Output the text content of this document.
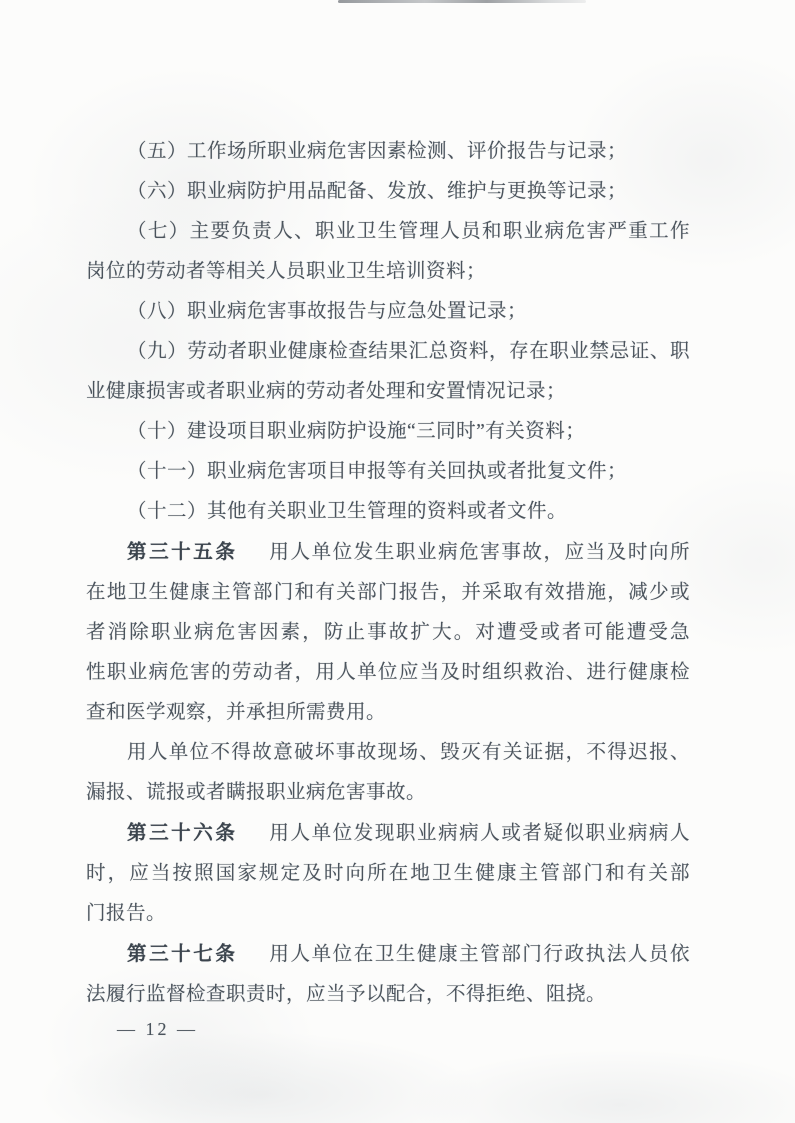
（五）工作场所职业病危害因素检测、评价报告与记录；
（六）职业病防护用品配备、发放、维护与更换等记录；
（七）主要负责人、职业卫生管理人员和职业病危害严重工作
岗位的劳动者等相关人员职业卫生培训资料；
（八）职业病危害事故报告与应急处置记录；
（九）劳动者职业健康检查结果汇总资料，存在职业禁忌证、职
业健康损害或者职业病的劳动者处理和安置情况记录；
（十）建设项目职业病防护设施“三同时”有关资料；
（十一）职业病危害项目申报等有关回执或者批复文件；
（十二）其他有关职业卫生管理的资料或者文件。
第三十五条 用人单位发生职业病危害事故，应当及时向所
在地卫生健康主管部门和有关部门报告，并采取有效措施，减少或
者消除职业病危害因素，防止事故扩大。对遭受或者可能遭受急
性职业病危害的劳动者，用人单位应当及时组织救治、进行健康检
查和医学观察，并承担所需费用。
用人单位不得故意破坏事故现场、毁灭有关证据，不得迟报、
漏报、谎报或者瞒报职业病危害事故。
第三十六条 用人单位发现职业病病人或者疑似职业病病人
时，应当按照国家规定及时向所在地卫生健康主管部门和有关部
门报告。
第三十七条 用人单位在卫生健康主管部门行政执法人员依
法履行监督检查职责时，应当予以配合，不得拒绝、阻挠。
— 12 —
